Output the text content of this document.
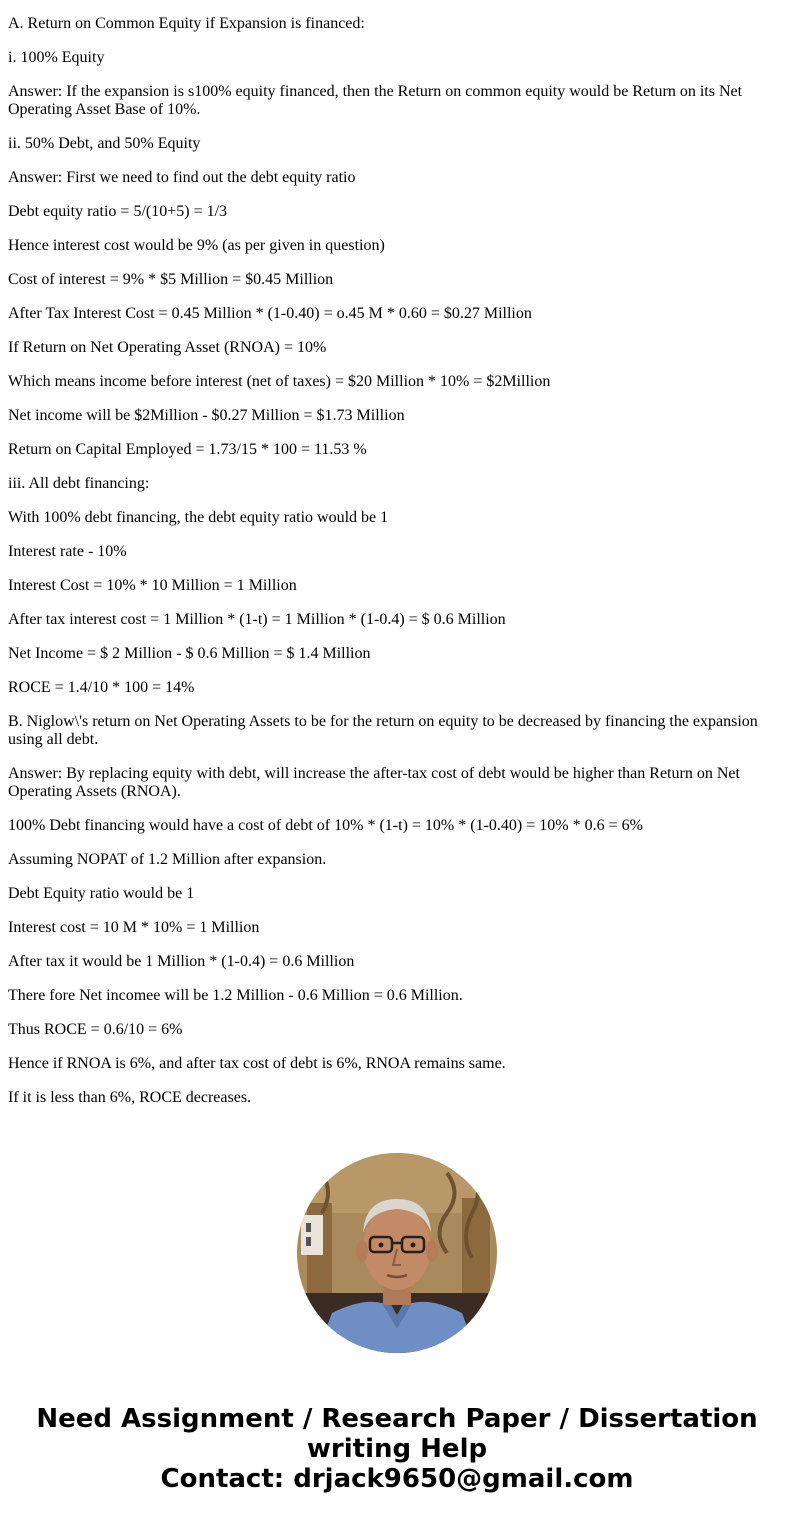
A. Return on Common Equity if Expansion is financed:

i. 100% Equity

Answer: If the expansion is s100% equity financed, then the Return on common equity would be Return on its Net Operating Asset Base of 10%.

ii. 50% Debt, and 50% Equity

Answer: First we need to find out the debt equity ratio

Debt equity ratio = 5/(10+5) = 1/3

Hence interest cost would be 9% (as per given in question)

Cost of interest = 9% * $5 Million = $0.45 Million

After Tax Interest Cost = 0.45 Million * (1-0.40) = o.45 M * 0.60 = $0.27 Million

If Return on Net Operating Asset (RNOA) = 10%

Which means income before interest (net of taxes) = $20 Million * 10% = $2Million

Net income will be $2Million - $0.27 Million = $1.73 Million

Return on Capital Employed = 1.73/15 * 100 = 11.53 %

iii. All debt financing:

With 100% debt financing, the debt equity ratio would be 1

Interest rate - 10%

Interest Cost = 10% * 10 Million = 1 Million

After tax interest cost = 1 Million * (1-t) = 1 Million * (1-0.4) = $ 0.6 Million

Net Income = $ 2 Million - $ 0.6 Million = $ 1.4 Million

ROCE = 1.4/10 * 100 = 14%

B. Niglow\'s return on Net Operating Assets to be for the return on equity to be decreased by financing the expansion using all debt.

Answer: By replacing equity with debt, will increase the after-tax cost of debt would be higher than Return on Net Operating Assets (RNOA).

100% Debt financing would have a cost of debt of 10% * (1-t) = 10% * (1-0.40) = 10% * 0.6 = 6%

Assuming NOPAT of 1.2 Million after expansion.

Debt Equity ratio would be 1

Interest cost = 10 M * 10% = 1 Million

After tax it would be 1 Million * (1-0.4) = 0.6 Million

There fore Net incomee will be 1.2 Million - 0.6 Million = 0.6 Million.

Thus ROCE = 0.6/10 = 6%

Hence if RNOA is 6%, and after tax cost of debt is 6%, RNOA remains same.

If it is less than 6%, ROCE decreases.

Need Assignment / Research Paper / Dissertation
writing Help
Contact: drjack9650@gmail.com
